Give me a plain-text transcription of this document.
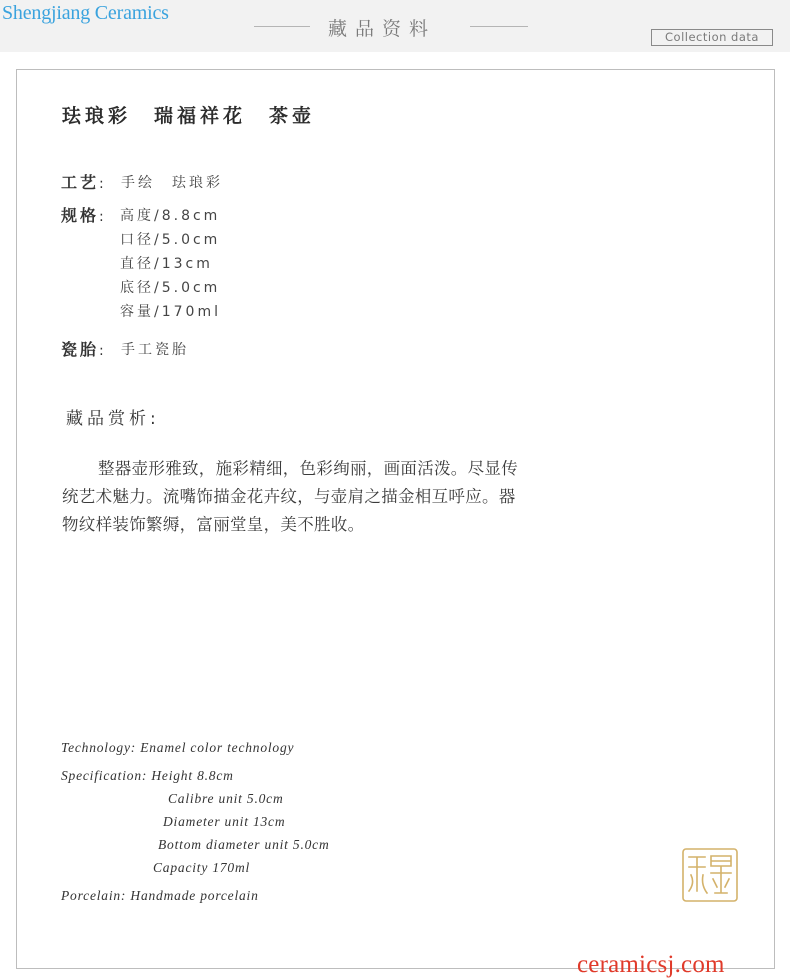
Shengjiang Ceramics
藏品资料	Collection data
珐琅彩　瑞福祥花　茶壶
工艺: 手绘　珐琅彩
规格: 高度/8.8cm
口径/5.0cm
直径/13cm
底径/5.0cm
容量/170ml
瓷胎: 手工瓷胎
藏品赏析:
整器壶形雅致，施彩精细，色彩绚丽，画面活泼。尽显传统艺术魅力。流嘴饰描金花卉纹，与壶肩之描金相互呼应。器物纹样装饰繁缛，富丽堂皇，美不胜收。
Technology: Enamel color technology
Specification: Height 8.8cm
Calibre unit 5.0cm
Diameter unit 13cm
Bottom diameter unit 5.0cm
Capacity 170ml
Porcelain: Handmade porcelain
ceramicsj.com
